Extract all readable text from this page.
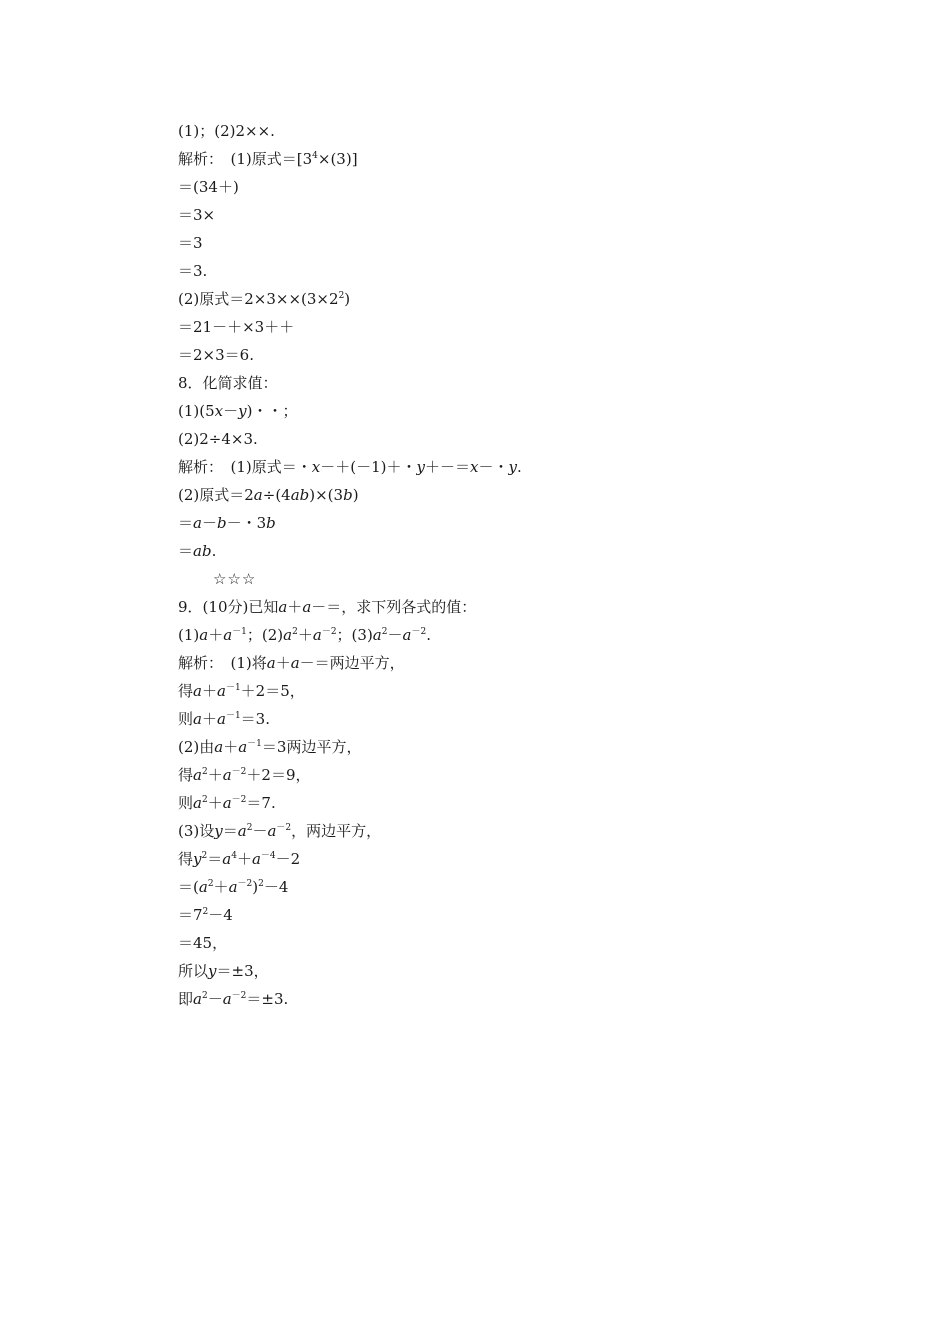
(1)；(2)2××.
解析：　(1)原式$=[3^4\times(3)]$
＝(34＋)
＝3×
＝3
＝3.
(2)原式$=2\times 3\times\times(3\times 2^2)$
＝21－＋×3＋＋
＝2×3＝6.
8．化简求值：
(1)(5x－y)・・；
(2)2÷4×3.
解析：　(1)原式＝・x－＋(－1)＋・y＋－＝x－・y.
(2)原式＝2a÷(4ab)×(3b)
＝a－b－・3b
＝ab.
☆☆☆
9．(10分)已知a＋a－＝，求下列各式的值：
$(1)a+a^{-1}$；$(2)a^2+a^{-2}$；$(3)a^2-a^{-2}$.
解析：　(1)将a＋a－＝两边平方，
得$a+a^{-1}+2=5$，
则$a+a^{-1}=3$.
(2)由$a+a^{-1}=3$两边平方，
得$a^2+a^{-2}+2=9$，
则$a^2+a^{-2}=7$.
(3)设$y=a^2-a^{-2}$，两边平方，
得$y^2=a^4+a^{-4}-2$
$=(a^2+a^{-2})^2-4$
$=7^2-4$
＝45，
所以y＝±3，
即$a^2-a^{-2}=\pm 3$.
